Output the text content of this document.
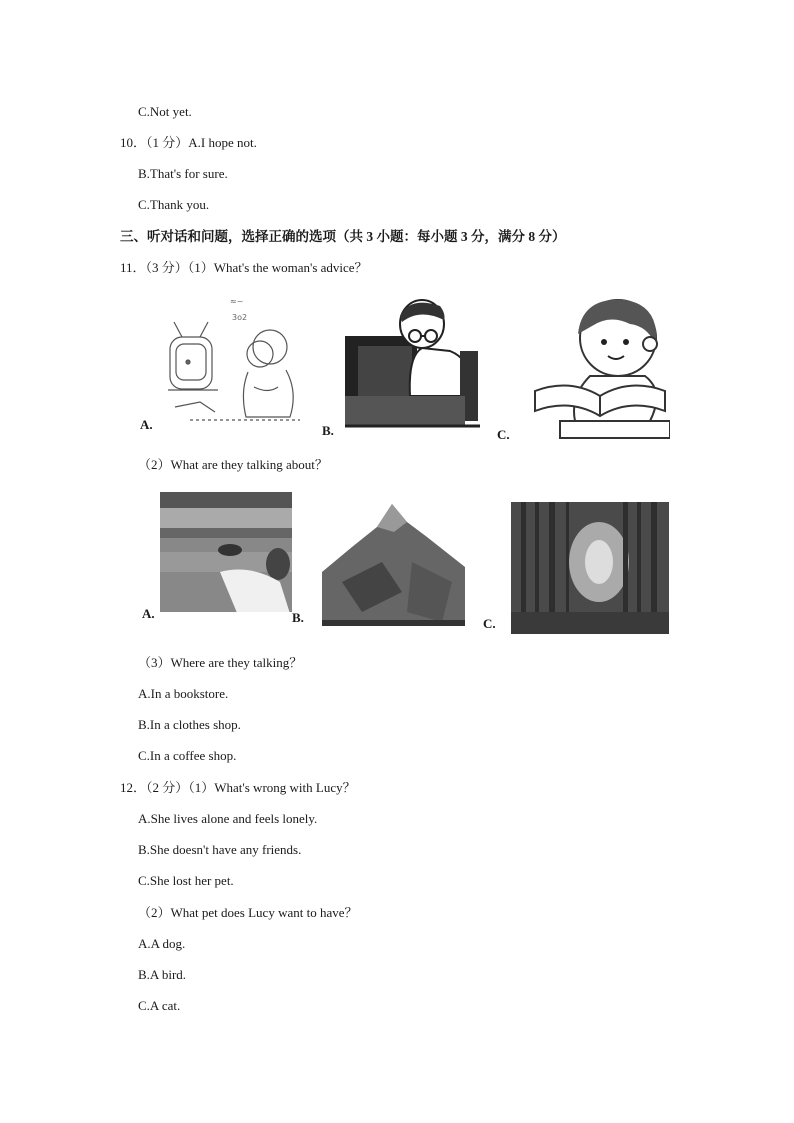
C.Not yet.
10．（1 分）A.I hope not.
B.That's for sure.
C.Thank you.
三、听对话和问题，选择正确的选项（共 3 小题：每小题 3 分，满分 8 分）
11．（3 分）（1）What's the woman's advice？
≈~
3o2
A.	B.	C.
（2）What are they talking about？
A.	B.	C.
（3）Where are they talking？
A.In a bookstore.
B.In a clothes shop.
C.In a coffee shop.
12．（2 分）（1）What's wrong with Lucy？
A.She lives alone and feels lonely.
B.She doesn't have any friends.
C.She lost her pet.
（2）What pet does Lucy want to have？
A.A dog.
B.A bird.
C.A cat.
